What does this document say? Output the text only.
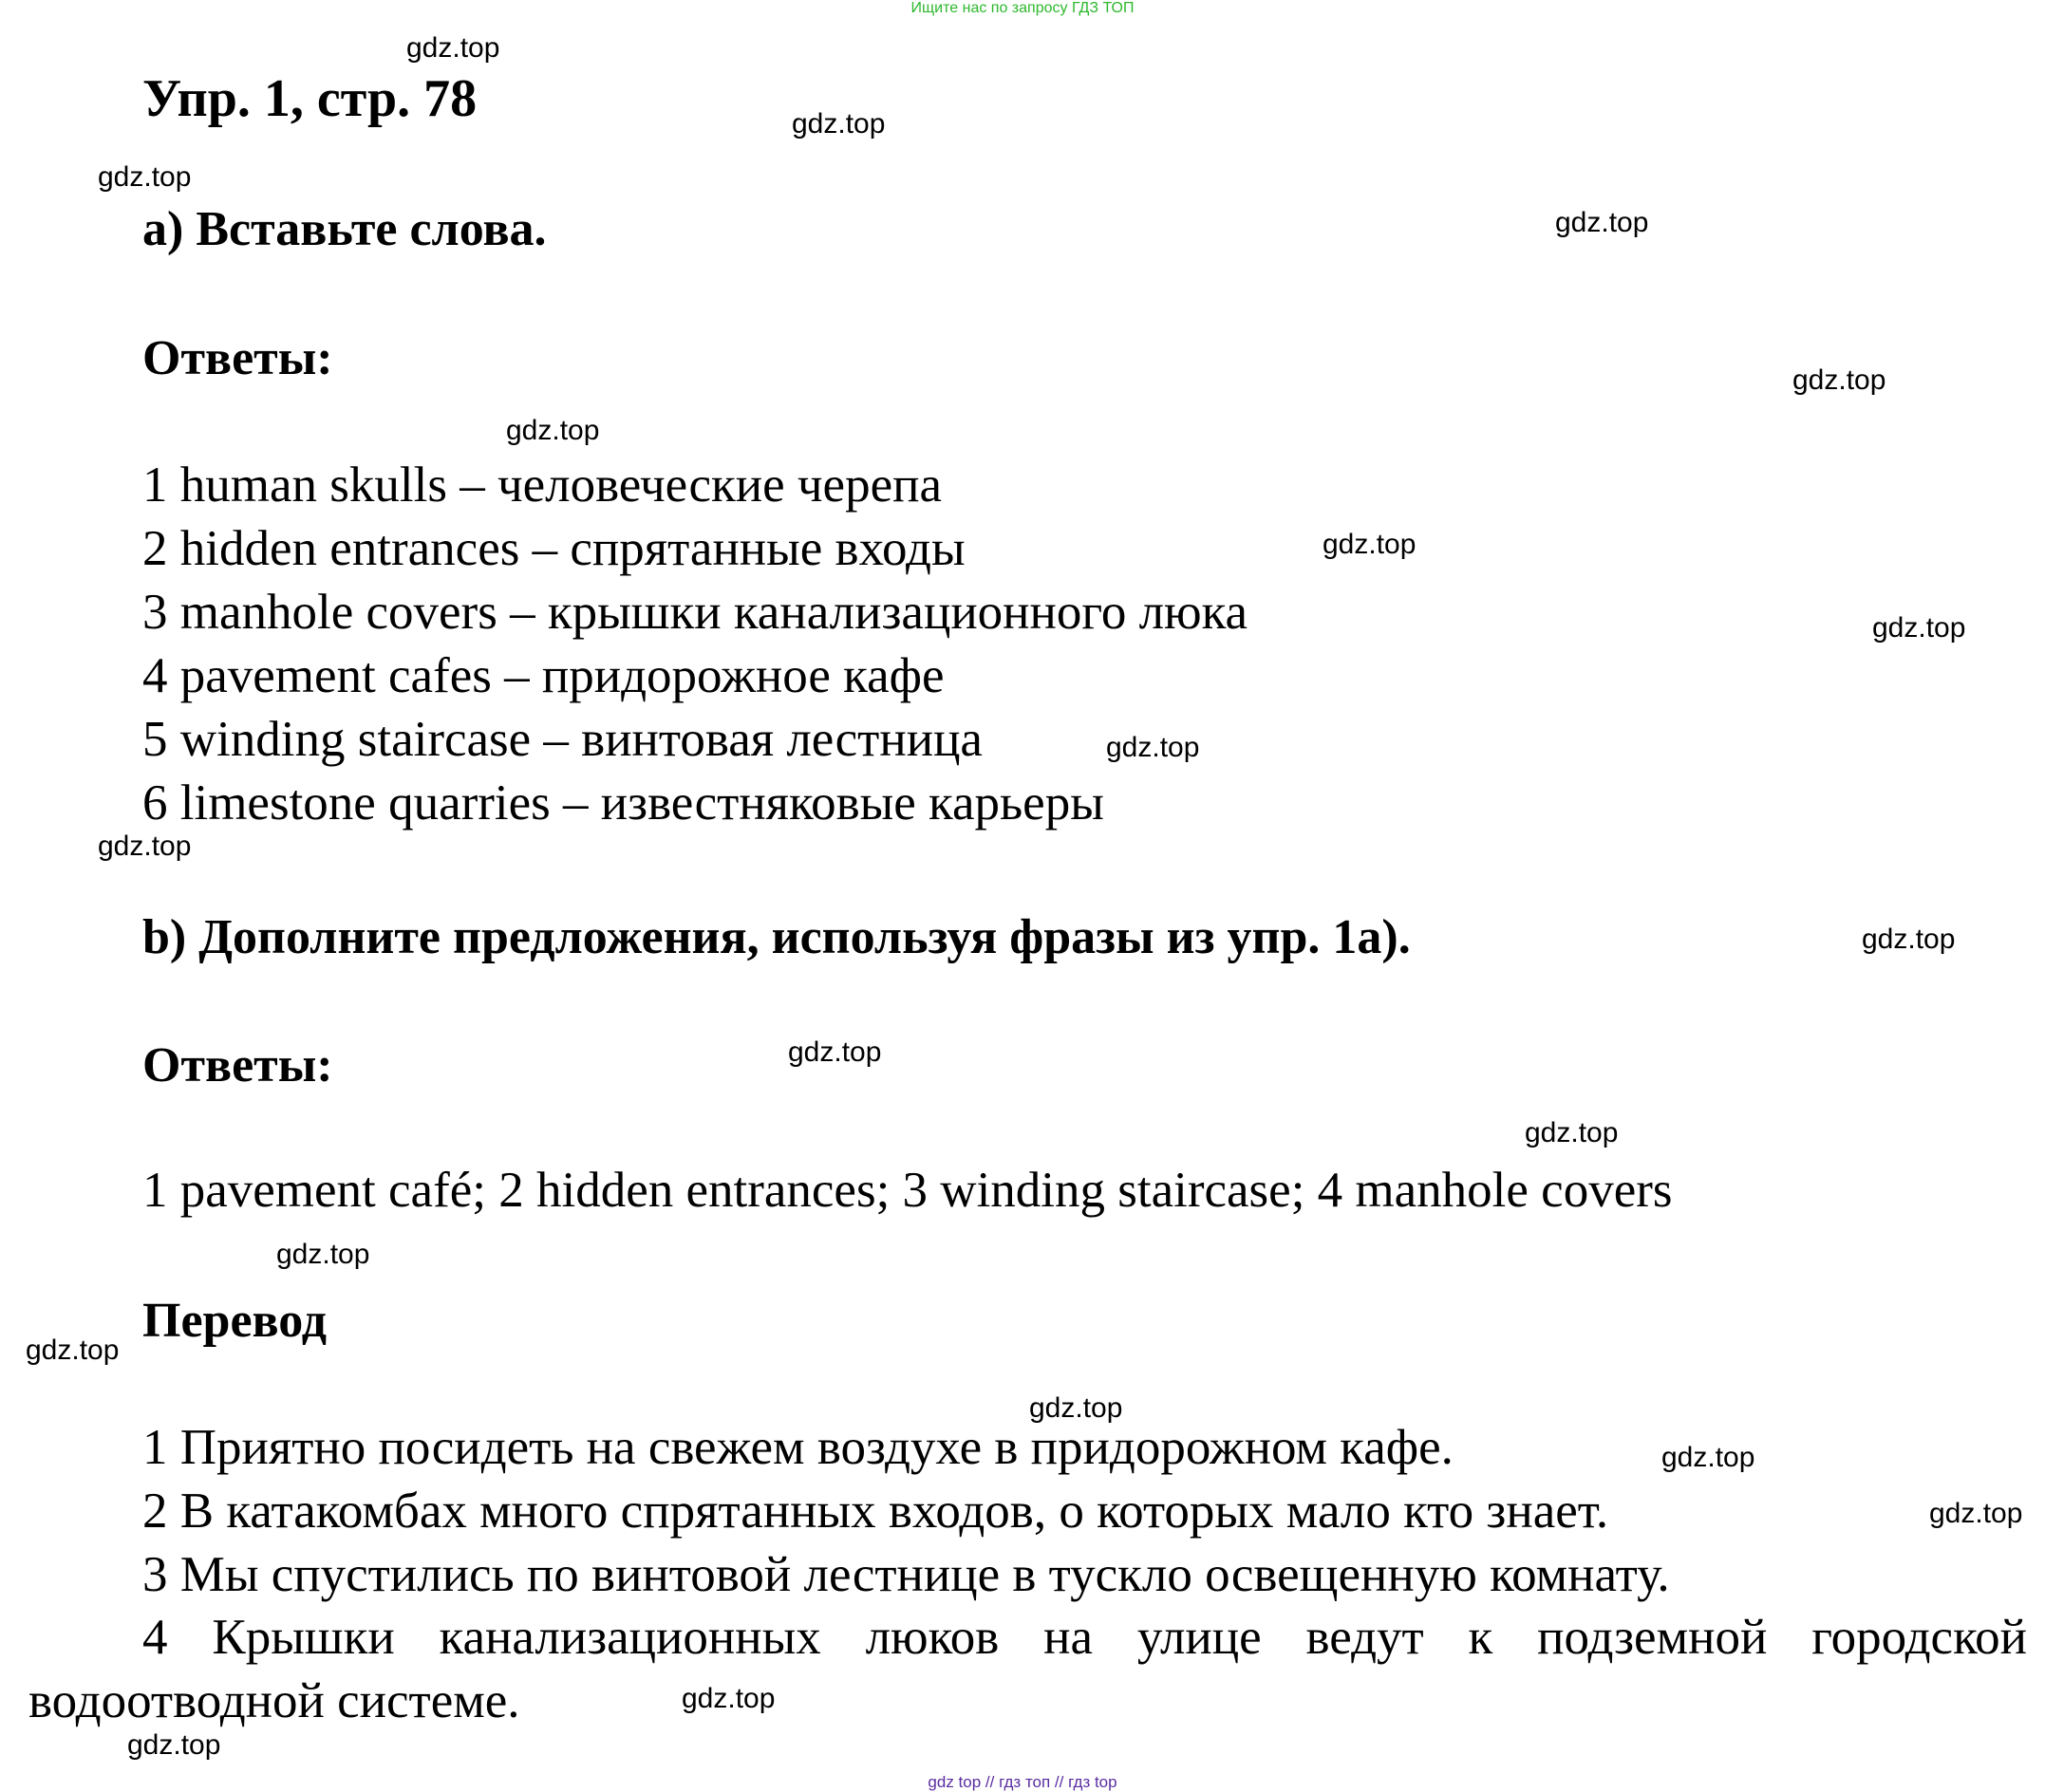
Ищите нас по запросу ГДЗ ТОП
Упр. 1, стр. 78
a) Вставьте слова.
Ответы:
1 human skulls – человеческие черепа
2 hidden entrances – спрятанные входы
3 manhole covers – крышки канализационного люка
4 pavement cafes – придорожное кафе
5 winding staircase – винтовая лестница
6 limestone quarries – известняковые карьеры
b) Дополните предложения, используя фразы из упр. 1a).
Ответы:
1 pavement café; 2 hidden entrances; 3 winding staircase; 4 manhole covers
Перевод
1 Приятно посидеть на свежем воздухе в придорожном кафе.
2 В катакомбах много спрятанных входов, о которых мало кто знает.
3 Мы спустились по винтовой лестнице в тускло освещенную комнату.
4 Крышки канализационных люков на улице ведут к подземной городской
водоотводной системе.
gdz.top
gdz.top
gdz.top
gdz.top
gdz.top
gdz.top
gdz.top
gdz.top
gdz.top
gdz.top
gdz.top
gdz.top
gdz.top
gdz.top
gdz.top
gdz.top
gdz.top
gdz.top
gdz.top
gdz.top
gdz top // гдз топ // гдз top
